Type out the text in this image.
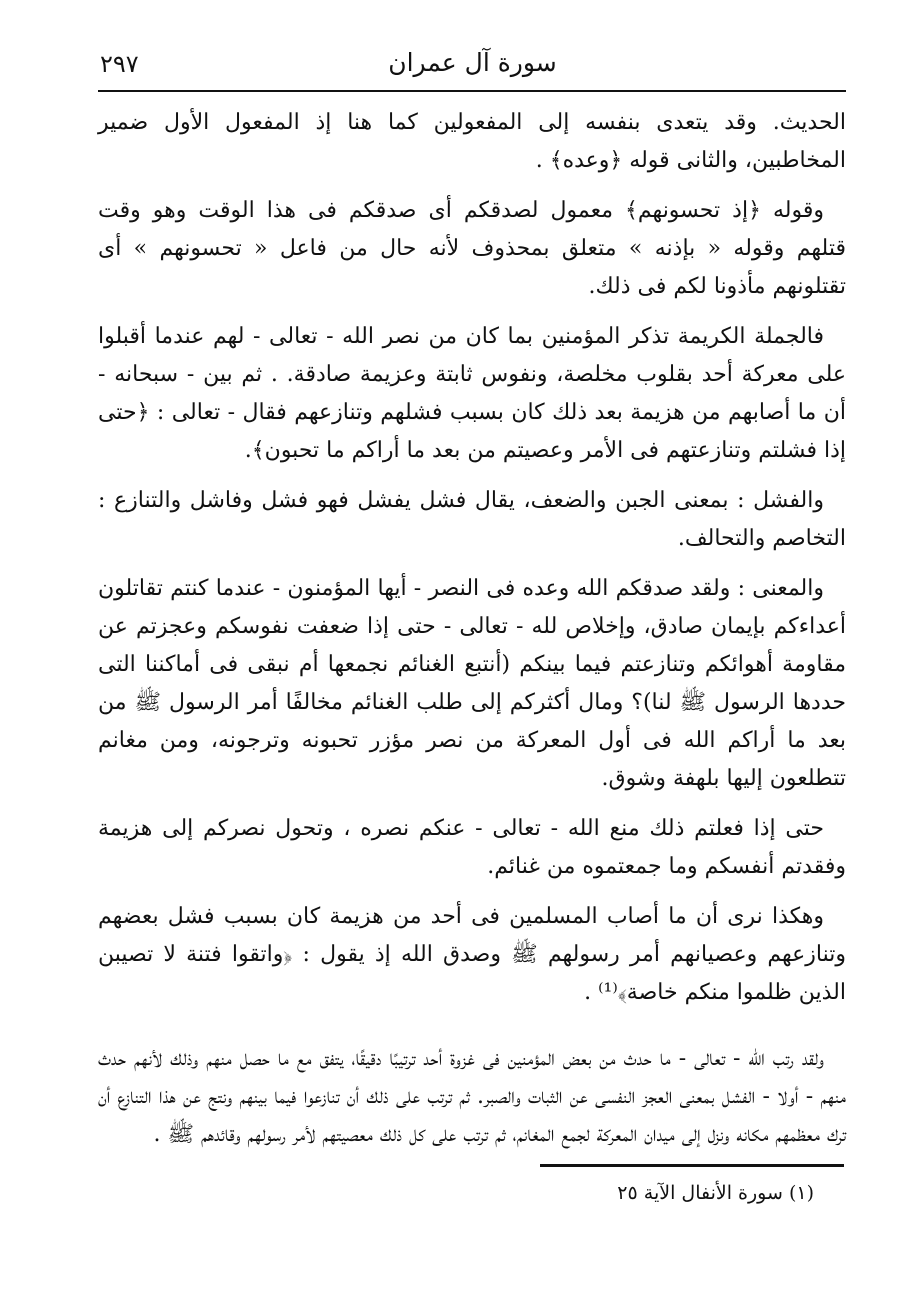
٢٩٧	سورة آل عمران

الحديث. وقد يتعدى بنفسه إلى المفعولين كما هنا إذ المفعول الأول ضمير المخاطبين، والثانى قوله ﴿وعده﴾ .

وقوله ﴿إذ تحسونهم﴾ معمول لصدقكم أى صدقكم فى هذا الوقت وهو وقت قتلهم وقوله « بإذنه » متعلق بمحذوف لأنه حال من فاعل « تحسونهم » أى تقتلونهم مأذونا لكم فى ذلك.

فالجملة الكريمة تذكر المؤمنين بما كان من نصر الله - تعالى - لهم عندما أقبلوا على معركة أحد بقلوب مخلصة، ونفوس ثابتة وعزيمة صادقة. . ثم بين - سبحانه - أن ما أصابهم من هزيمة بعد ذلك كان بسبب فشلهم وتنازعهم فقال - تعالى : ﴿حتى إذا فشلتم وتنازعتهم فى الأمر وعصيتم من بعد ما أراكم ما تحبون﴾.

والفشل : بمعنى الجبن والضعف، يقال فشل يفشل فهو فشل وفاشل والتنازع : التخاصم والتحالف.

والمعنى : ولقد صدقكم الله وعده فى النصر - أيها المؤمنون - عندما كنتم تقاتلون أعداءكم بإيمان صادق، وإخلاص لله - تعالى - حتى إذا ضعفت نفوسكم وعجزتم عن مقاومة أهوائكم وتنازعتم فيما بينكم (أنتبع الغنائم نجمعها أم نبقى فى أماكننا التى حددها الرسول ﷺ لنا)؟ ومال أكثركم إلى طلب الغنائم مخالفًا أمر الرسول ﷺ من بعد ما أراكم الله فى أول المعركة من نصر مؤزر تحبونه وترجونه، ومن مغانم تتطلعون إليها بلهفة وشوق.

حتى إذا فعلتم ذلك منع الله - تعالى - عنكم نصره ، وتحول نصركم إلى هزيمة وفقدتم أنفسكم وما جمعتموه من غنائم.

وهكذا نرى أن ما أصاب المسلمين فى أحد من هزيمة كان بسبب فشل بعضهم وتنازعهم وعصيانهم أمر رسولهم ﷺ وصدق الله إذ يقول : ﴿واتقوا فتنة لا تصيبن الذين ظلموا منكم خاصة﴾⁽¹⁾ .

ولقد رتب الله - تعالى - ما حدث من بعض المؤمنين فى غزوة أحد ترتيبًا دقيقًا، يتفق مع ما حصل منهم وذلك لأنهم حدث منهم - أولا - الفشل بمعنى العجز النفسى عن الثبات والصبر. ثم ترتب على ذلك أن تنازعوا فيما بينهم ونتج عن هذا التنازع أن ترك معظمهم مكانه ونزل إلى ميدان المعركة لجمع المغانم، ثم ترتب على كل ذلك معصيتهم لأمر رسولهم وقائدهم ﷺ .

(١) سورة الأنفال الآية ٢٥
